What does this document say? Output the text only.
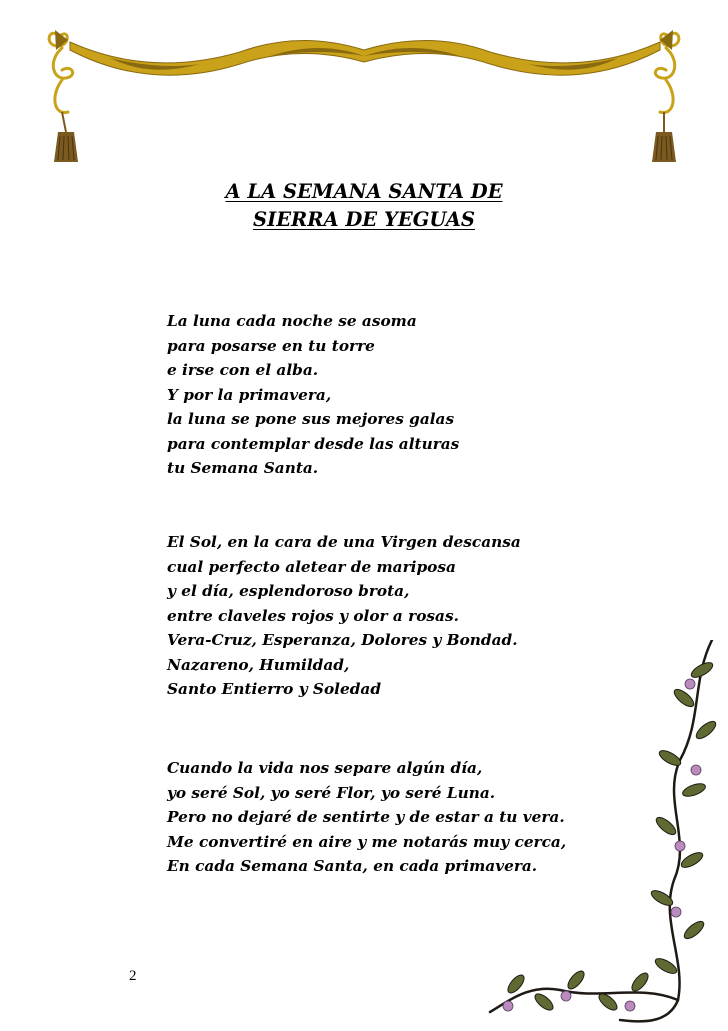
A LA SEMANA SANTA DE
SIERRA DE YEGUAS
La luna cada noche se asoma
para posarse en tu torre
e irse con el alba.
Y por la primavera,
la luna se pone sus mejores galas
para contemplar desde las alturas
tu Semana Santa.
El Sol, en la cara de una Virgen descansa
cual perfecto aletear de mariposa
y el día, esplendoroso brota,
entre claveles rojos y olor a rosas.
Vera-Cruz, Esperanza, Dolores y Bondad.
Nazareno, Humildad,
Santo Entierro y Soledad
Cuando la vida nos separe algún día,
yo seré Sol, yo seré Flor, yo seré Luna.
Pero no dejaré de sentirte y de estar a tu vera.
Me convertiré en aire y me notarás muy cerca,
En cada Semana Santa, en cada primavera.
2
